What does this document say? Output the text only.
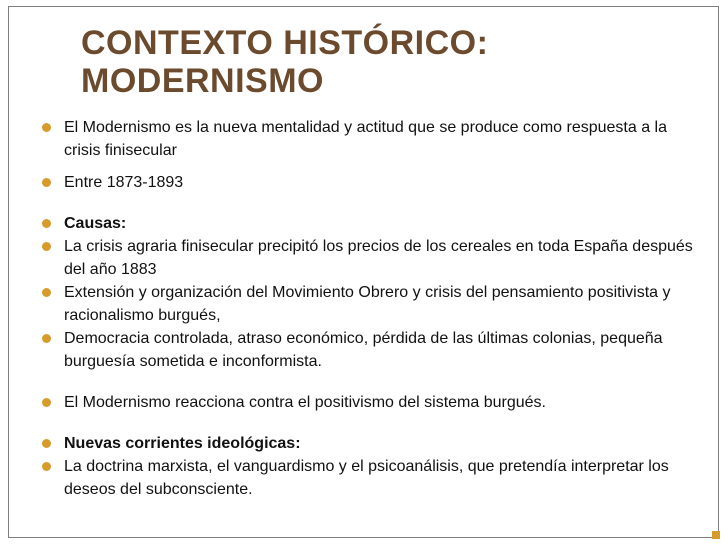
CONTEXTO HISTÓRICO:
MODERNISMO
El Modernismo es la nueva mentalidad y actitud que se produce como respuesta a la crisis finisecular
Entre 1873-1893
Causas:
La crisis agraria finisecular precipitó los precios de los cereales en toda España después del año 1883
Extensión y organización del Movimiento Obrero y crisis del pensamiento positivista y racionalismo burgués,
Democracia controlada, atraso económico, pérdida de las últimas colonias, pequeña burguesía sometida e inconformista.
El Modernismo reacciona contra el positivismo del sistema burgués.
Nuevas corrientes ideológicas:
La doctrina marxista, el vanguardismo y el psicoanálisis, que pretendía interpretar los deseos del subconsciente.
